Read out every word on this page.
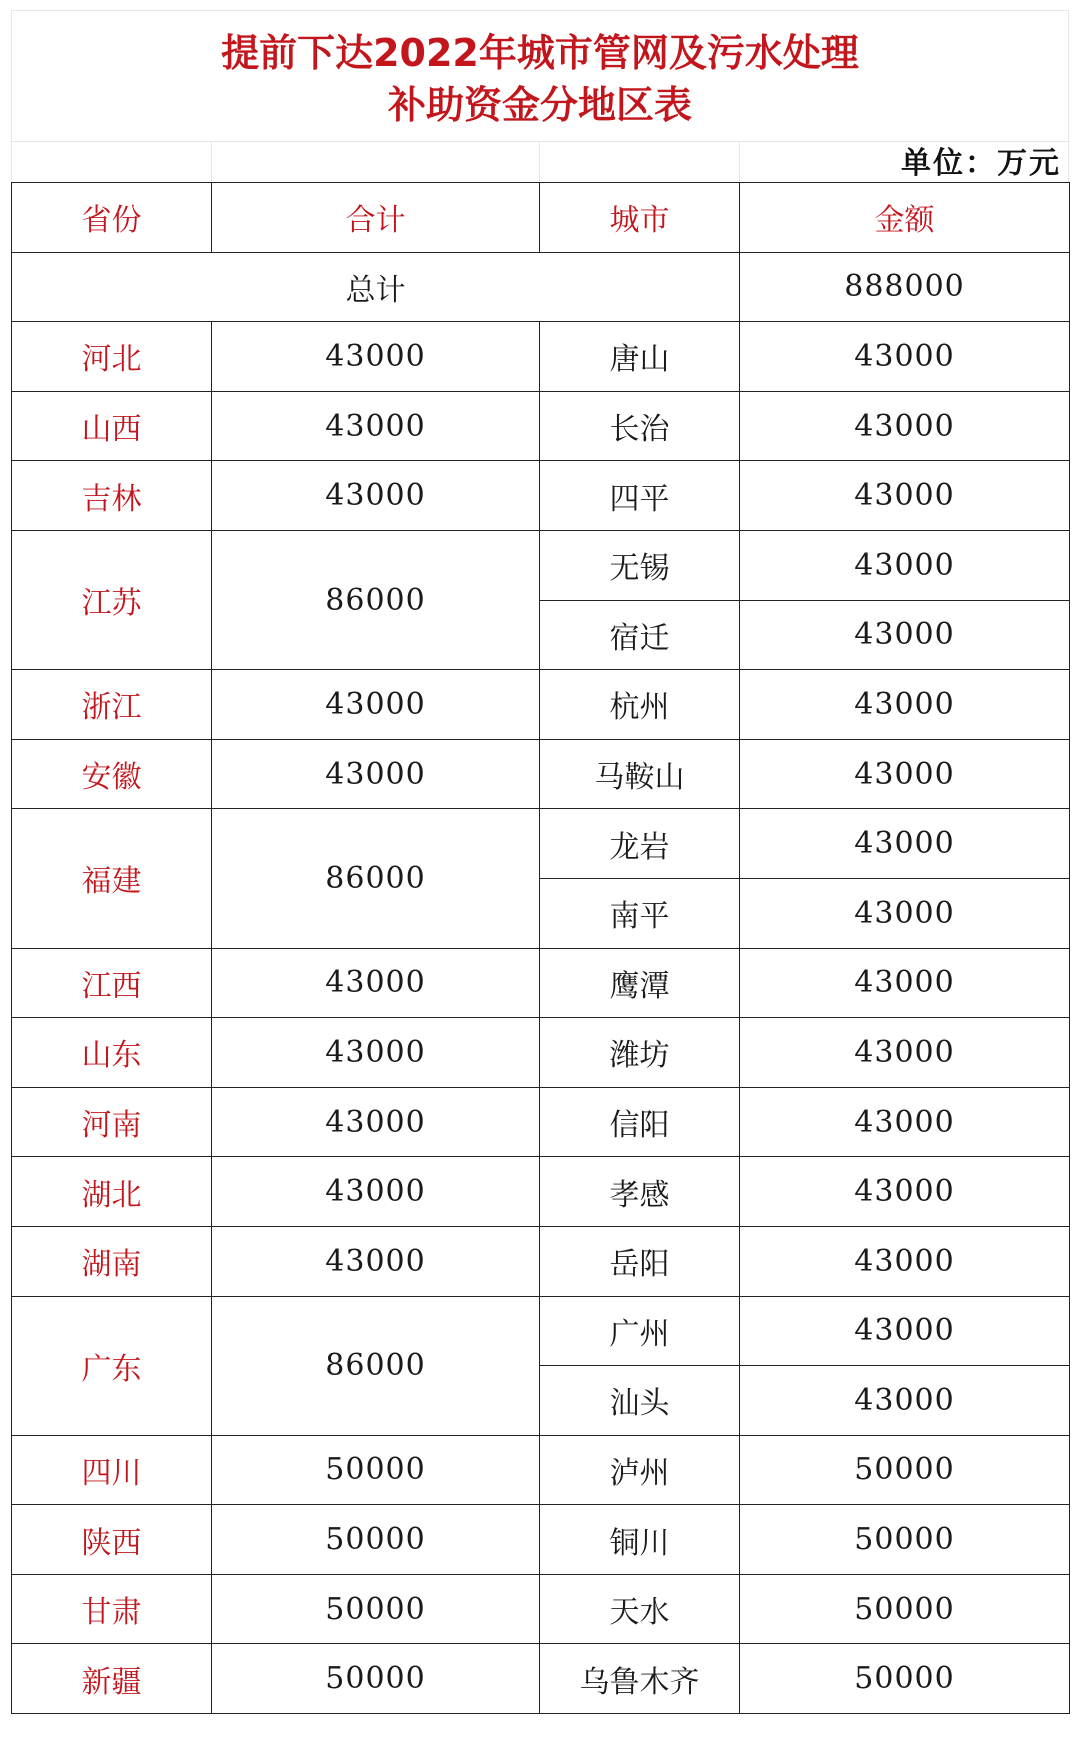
提前下达2022年城市管网及污水处理
补助资金分地区表
单位：万元
省份	合计	城市	金额
	总计		888000
河北	43000	唐山	43000
山西	43000	长治	43000
吉林	43000	四平	43000
江苏	86000	无锡	43000
		宿迁	43000
浙江	43000	杭州	43000
安徽	43000	马鞍山	43000
福建	86000	龙岩	43000
		南平	43000
江西	43000	鹰潭	43000
山东	43000	潍坊	43000
河南	43000	信阳	43000
湖北	43000	孝感	43000
湖南	43000	岳阳	43000
广东	86000	广州	43000
		汕头	43000
四川	50000	泸州	50000
陕西	50000	铜川	50000
甘肃	50000	天水	50000
新疆	50000	乌鲁木齐	50000
